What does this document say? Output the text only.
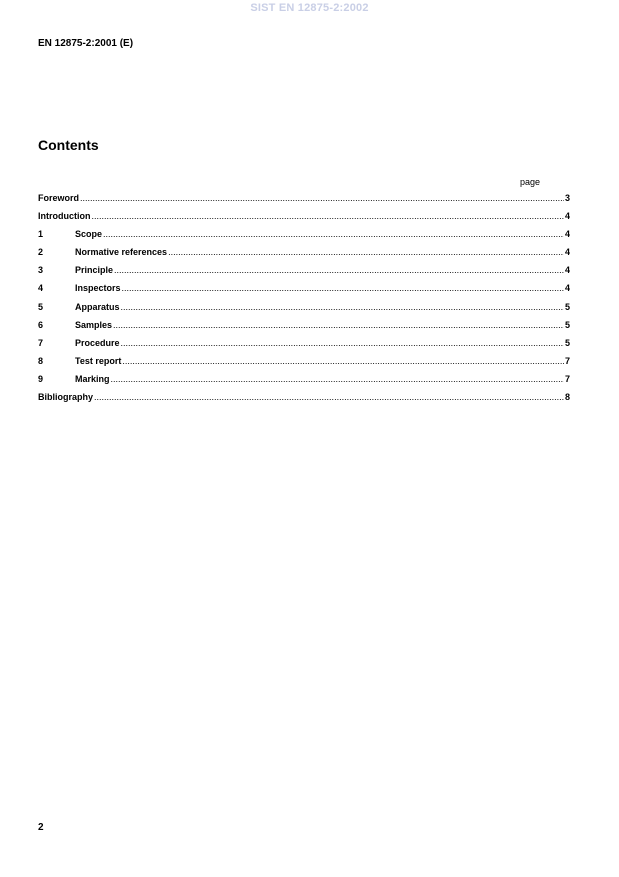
SIST EN 12875-2:2002
EN 12875-2:2001 (E)
Contents
page
Foreword .....	3
Introduction .....	4
1	Scope .....	4
2	Normative references .....	4
3	Principle .....	4
4	Inspectors .....	4
5	Apparatus .....	5
6	Samples .....	5
7	Procedure .....	5
8	Test report .....	7
9	Marking .....	7
Bibliography .....	8
2
